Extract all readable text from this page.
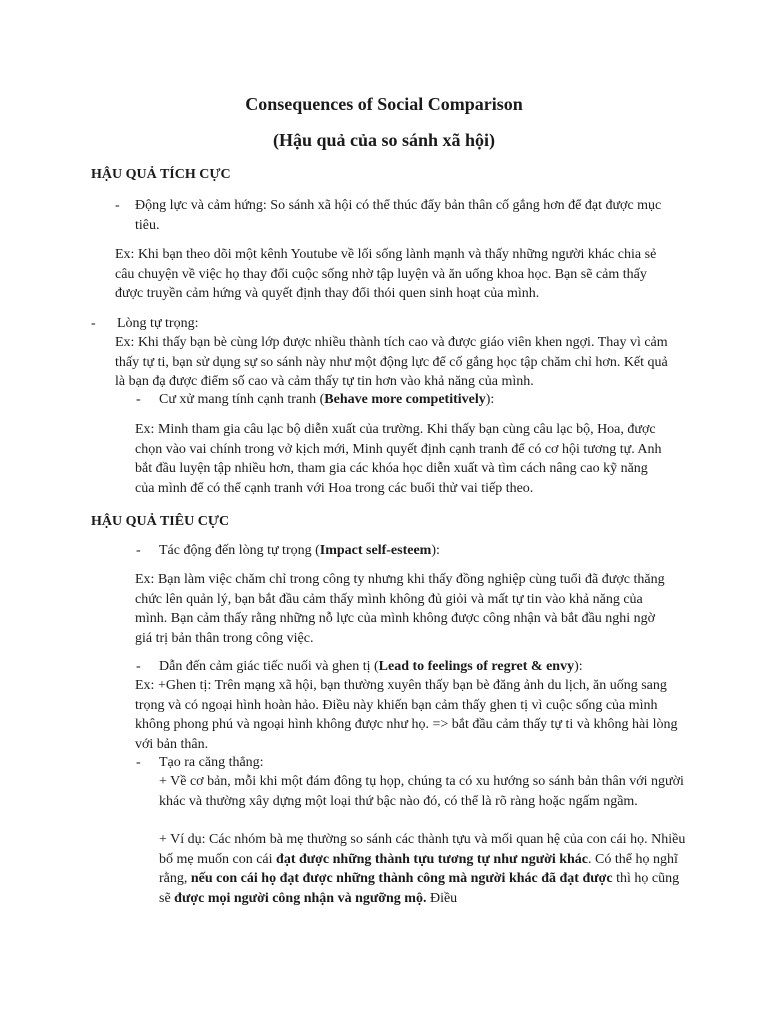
Consequences of Social Comparison
(Hậu quả của so sánh xã hội)
HẬU QUẢ TÍCH CỰC
- Động lực và cảm hứng: So sánh xã hội có thể thúc đẩy bản thân cố gắng hơn để đạt được mục tiêu.

Ex: Khi bạn theo dõi một kênh Youtube về lối sống lành mạnh và thấy những người khác chia sẻ câu chuyện về việc họ thay đổi cuộc sống nhờ tập luyện và ăn uống khoa học. Bạn sẽ cảm thấy được truyền cảm hứng và quyết định thay đổi thói quen sinh hoạt của mình.

- Lòng tự trọng:

Ex: Khi thấy bạn bè cùng lớp được nhiều thành tích cao và được giáo viên khen ngợi. Thay vì cảm thấy tự ti, bạn sử dụng sự so sánh này như một động lực để cố gắng học tập chăm chỉ hơn. Kết quả là bạn đạ được điểm số cao và cảm thấy tự tin hơn vào khả năng của mình.

- Cư xử mang tính cạnh tranh (Behave more competitively):

Ex: Minh tham gia câu lạc bộ diễn xuất của trường. Khi thấy bạn cùng câu lạc bộ, Hoa, được chọn vào vai chính trong vở kịch mới, Minh quyết định cạnh tranh để có cơ hội tương tự. Anh bắt đầu luyện tập nhiều hơn, tham gia các khóa học diễn xuất và tìm cách nâng cao kỹ năng của mình để có thể cạnh tranh với Hoa trong các buổi thử vai tiếp theo.

HẬU QUẢ TIÊU CỰC
- Tác động đến lòng tự trọng (Impact self-esteem):

Ex: Bạn làm việc chăm chỉ trong công ty nhưng khi thấy đồng nghiệp cùng tuổi đã được thăng chức lên quản lý, bạn bắt đầu cảm thấy mình không đủ giỏi và mất tự tin vào khả năng của mình. Bạn cảm thấy rằng những nỗ lực của mình không được công nhận và bắt đầu nghi ngờ giá trị bản thân trong công việc.

- Dẫn đến cảm giác tiếc nuối và ghen tị (Lead to feelings of regret & envy):

Ex: +Ghen tị: Trên mạng xã hội, bạn thường xuyên thấy bạn bè đăng ảnh du lịch, ăn uống sang trọng và có ngoại hình hoàn hảo. Điều này khiến bạn cảm thấy ghen tị vì cuộc sống của mình không phong phú và ngoại hình không được như họ. => bắt đầu cảm thấy tự ti và không hài lòng với bản thân.

- Tạo ra căng thẳng:

+ Về cơ bản, mỗi khi một đám đông tụ họp, chúng ta có xu hướng so sánh bản thân với người khác và thường xây dựng một loại thứ bậc nào đó, có thể là rõ ràng hoặc ngấm ngầm.

+ Ví dụ: Các nhóm bà mẹ thường so sánh các thành tựu và mối quan hệ của con cái họ. Nhiều bố mẹ muốn con cái đạt được những thành tựu tương tự như người khác. Có thể họ nghĩ rằng, nếu con cái họ đạt được những thành công mà người khác đã đạt được thì họ cũng sẽ được mọi người công nhận và ngưỡng mộ. Điều
